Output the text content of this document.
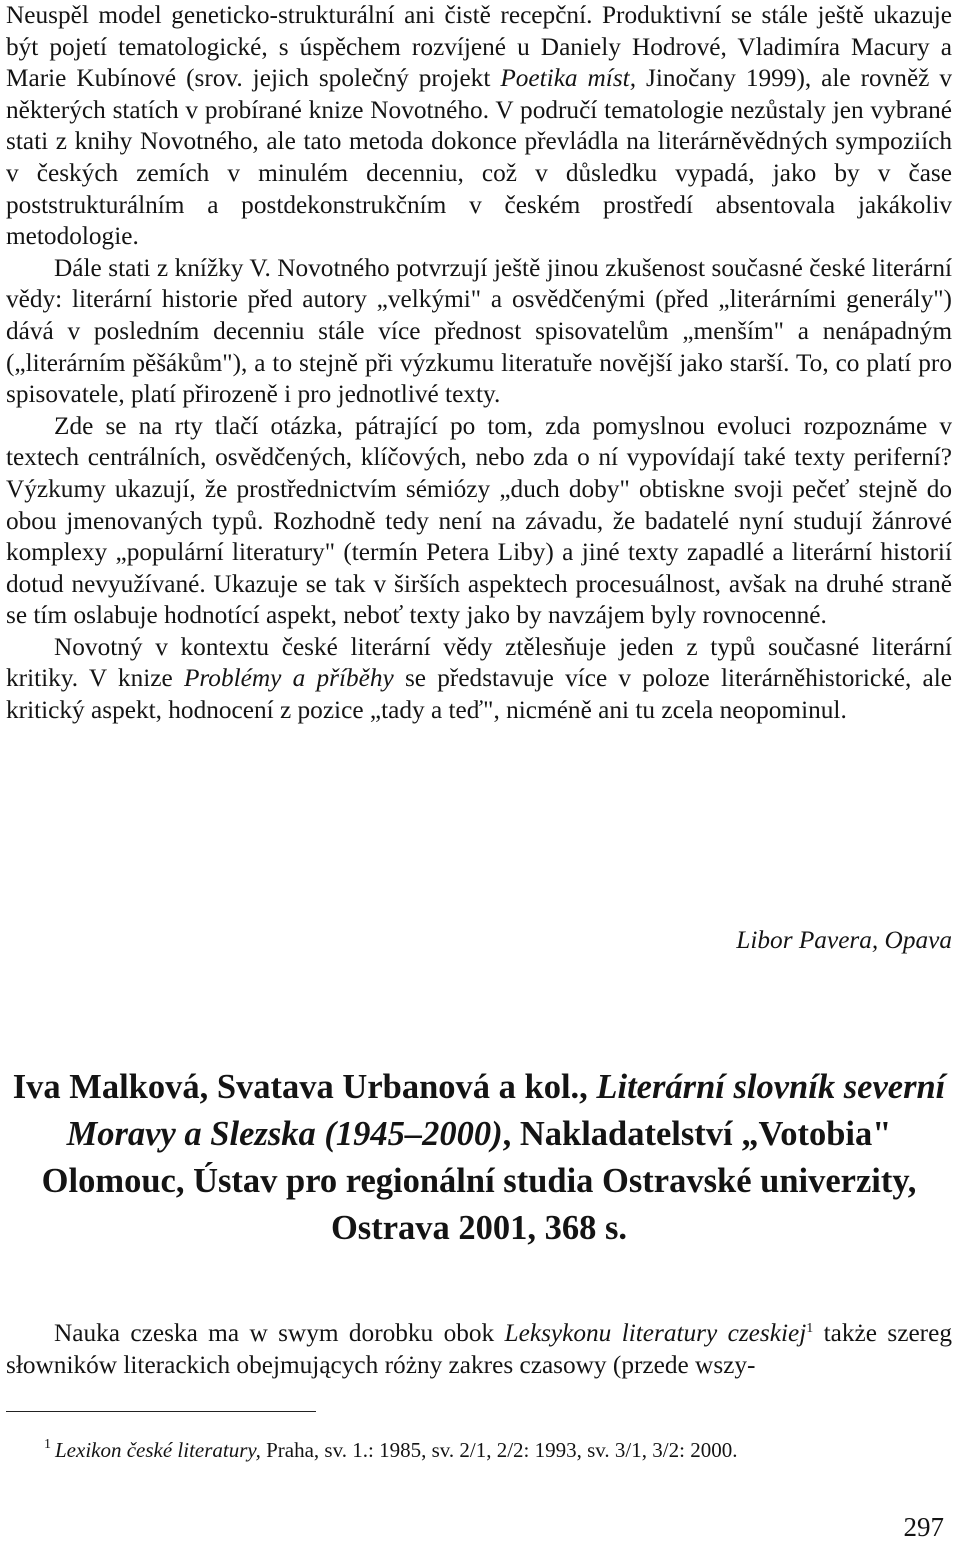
Neuspěl model geneticko-strukturální ani čistě recepční. Produktivní se stále ještě ukazuje být pojetí tematologické, s úspěchem rozvíjené u Daniely Hodrové, Vladimíra Macury a Marie Kubínové (srov. jejich společný projekt Poetika míst, Jinočany 1999), ale rovněž v některých statích v probírané knize Novotného. V područí tematologie nezůstaly jen vybrané stati z knihy Novotného, ale tato metoda dokonce převládla na literárněvědných sympoziích v českých zemích v minulém decenniu, což v důsledku vypadá, jako by v čase poststrukturálním a postdekonstrukčním v českém prostředí absentovala jakákoliv metodologie.

Dále stati z knížky V. Novotného potvrzují ještě jinou zkušenost současné české literární vědy: literární historie před autory „velkými" a osvědčenými (před „literárními generály") dává v posledním decenniu stále více přednost spisovatelům „menším" a nenápadným („literárním pěšákům"), a to stejně při výzkumu literatuře novější jako starší. To, co platí pro spisovatele, platí přirozeně i pro jednotlivé texty.

Zde se na rty tlačí otázka, pátrající po tom, zda pomyslnou evoluci rozpoznáme v textech centrálních, osvědčených, klíčových, nebo zda o ní vypovídají také texty periferní? Výzkumy ukazují, že prostřednictvím sémiózy „duch doby" obtiskne svoji pečeť stejně do obou jmenovaných typů. Rozhodně tedy není na závadu, že badatelé nyní studují žánrové komplexy „populární literatury" (termín Petera Liby) a jiné texty zapadlé a literární historií dotud nevyužívané. Ukazuje se tak v širších aspektech procesuálnost, avšak na druhé straně se tím oslabuje hodnotící aspekt, neboť texty jako by navzájem byly rovnocenné.

Novotný v kontextu české literární vědy ztělesňuje jeden z typů současné literární kritiky. V knize Problémy a příběhy se představuje více v poloze literárněhistorické, ale kritický aspekt, hodnocení z pozice „tady a teď", nicméně ani tu zcela neopominul.

Libor Pavera, Opava
Iva Malková, Svatava Urbanová a kol., Literární slovník severní Moravy a Slezska (1945–2000), Nakladatelství „Votobia" Olomouc, Ústav pro regionální studia Ostravské univerzity, Ostrava 2001, 368 s.

Nauka czeska ma w swym dorobku obok Leksykonu literatury czeskiej$^1$ także szereg słowników literackich obejmujących różny zakres czasowy (przede wszy-

$^1$ Lexikon české literatury, Praha, sv. 1.: 1985, sv. 2/1, 2/2: 1993, sv. 3/1, 3/2: 2000.
297
